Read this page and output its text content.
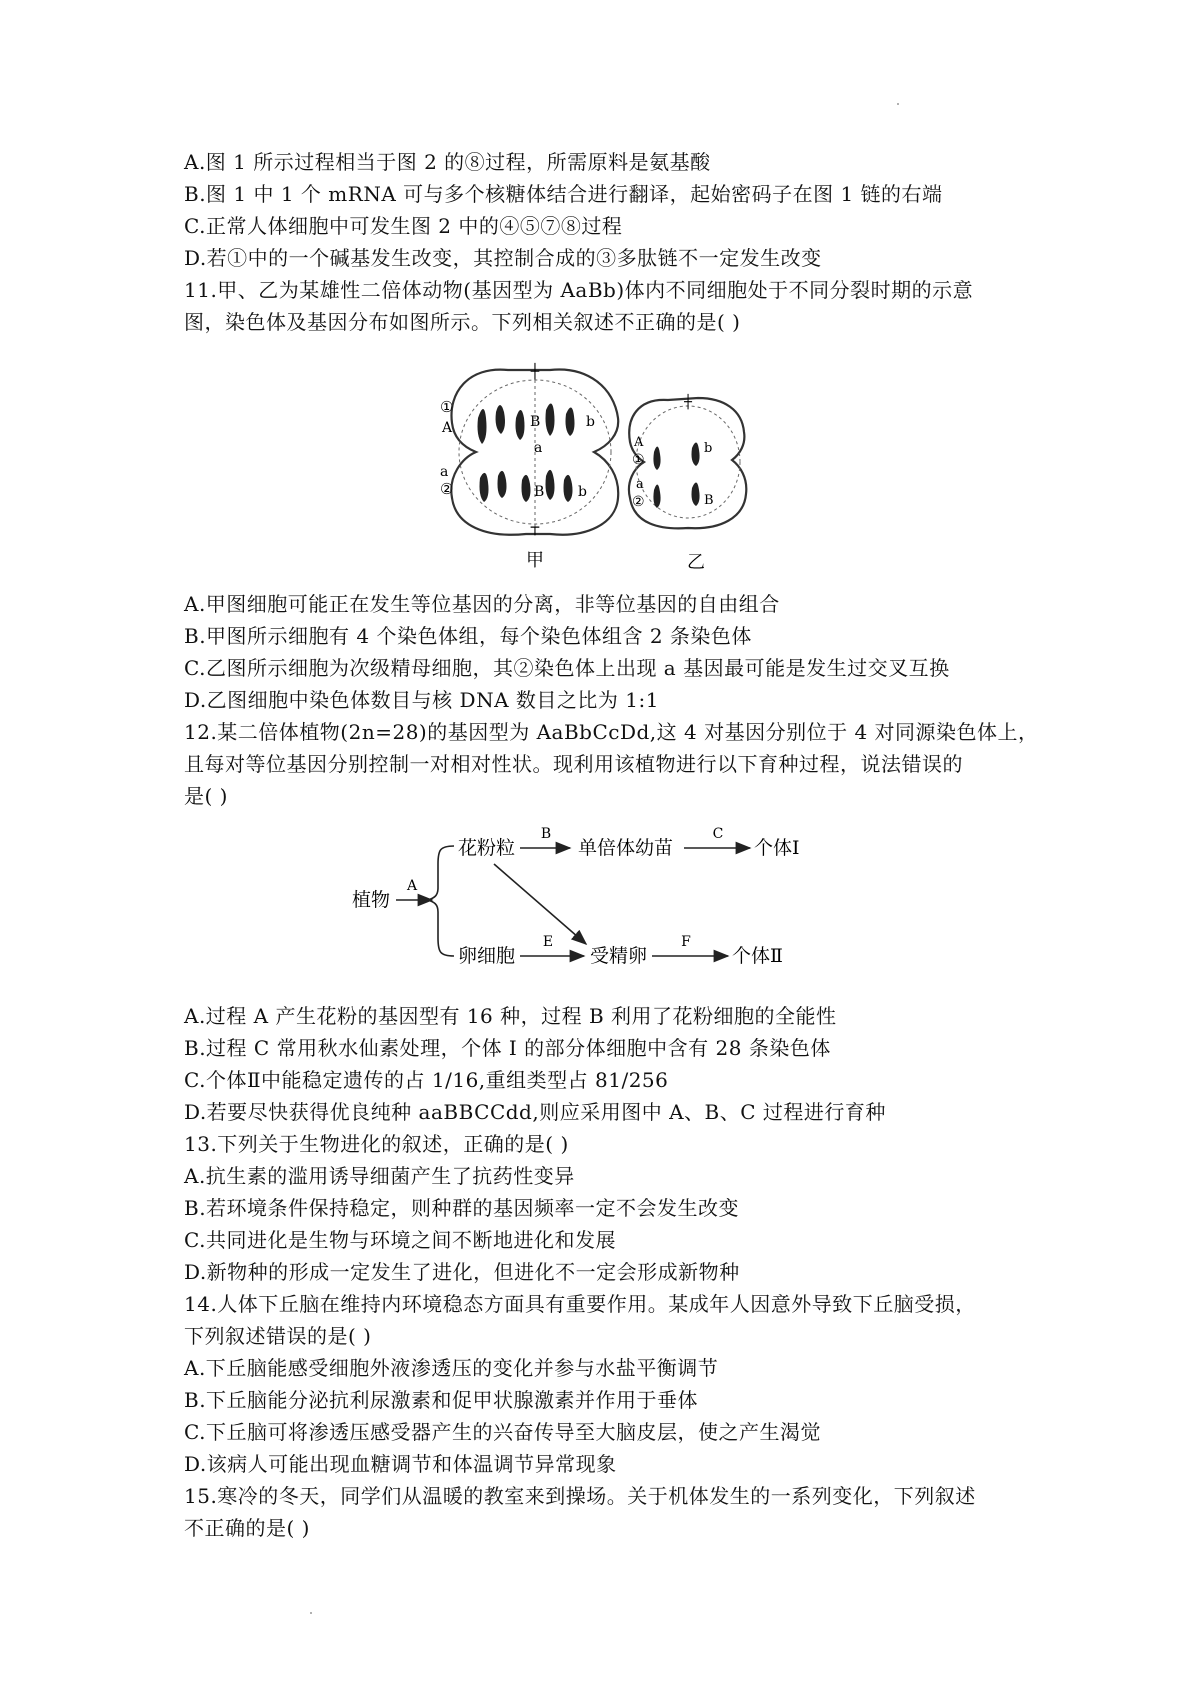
A.图 1 所示过程相当于图 2 的⑧过程，所需原料是氨基酸
B.图 1 中 1 个 mRNA 可与多个核糖体结合进行翻译，起始密码子在图 1 链的右端
C.正常人体细胞中可发生图 2 中的④⑤⑦⑧过程
D.若①中的一个碱基发生改变，其控制合成的③多肽链不一定发生改变
11.甲、乙为某雄性二倍体动物(基因型为 AaBb)体内不同细胞处于不同分裂时期的示意
图，染色体及基因分布如图所示。下列相关叙述不正确的是( )
┼
┬
①
A	B	b
a
a
②	B b
甲
┼
A
①
a
②
b
B
乙
A.甲图细胞可能正在发生等位基因的分离，非等位基因的自由组合
B.甲图所示细胞有 4 个染色体组，每个染色体组含 2 条染色体
C.乙图所示细胞为次级精母细胞，其②染色体上出现 a 基因最可能是发生过交叉互换
D.乙图细胞中染色体数目与核 DNA 数目之比为 1:1
12.某二倍体植物(2n=28)的基因型为 AaBbCcDd,这 4 对基因分别位于 4 对同源染色体上，
且每对等位基因分别控制一对相对性状。现利用该植物进行以下育种过程，说法错误的
是( )
植物
A
花粉粒
B
单倍体幼苗
C
个体Ⅰ
卵细胞
E
受精卵
F
个体Ⅱ
A.过程 A 产生花粉的基因型有 16 种，过程 B 利用了花粉细胞的全能性
B.过程 C 常用秋水仙素处理，个体 I 的部分体细胞中含有 28 条染色体
C.个体Ⅱ中能稳定遗传的占 1/16,重组类型占 81/256
D.若要尽快获得优良纯种 aaBBCCdd,则应采用图中 A、B、C 过程进行育种
13.下列关于生物进化的叙述，正确的是( )
A.抗生素的滥用诱导细菌产生了抗药性变异
B.若环境条件保持稳定，则种群的基因频率一定不会发生改变
C.共同进化是生物与环境之间不断地进化和发展
D.新物种的形成一定发生了进化，但进化不一定会形成新物种
14.人体下丘脑在维持内环境稳态方面具有重要作用。某成年人因意外导致下丘脑受损，
下列叙述错误的是( )
A.下丘脑能感受细胞外液渗透压的变化并参与水盐平衡调节
B.下丘脑能分泌抗利尿激素和促甲状腺激素并作用于垂体
C.下丘脑可将渗透压感受器产生的兴奋传导至大脑皮层，使之产生渴觉
D.该病人可能出现血糖调节和体温调节异常现象
15.寒冷的冬天，同学们从温暖的教室来到操场。关于机体发生的一系列变化，下列叙述
不正确的是( )
